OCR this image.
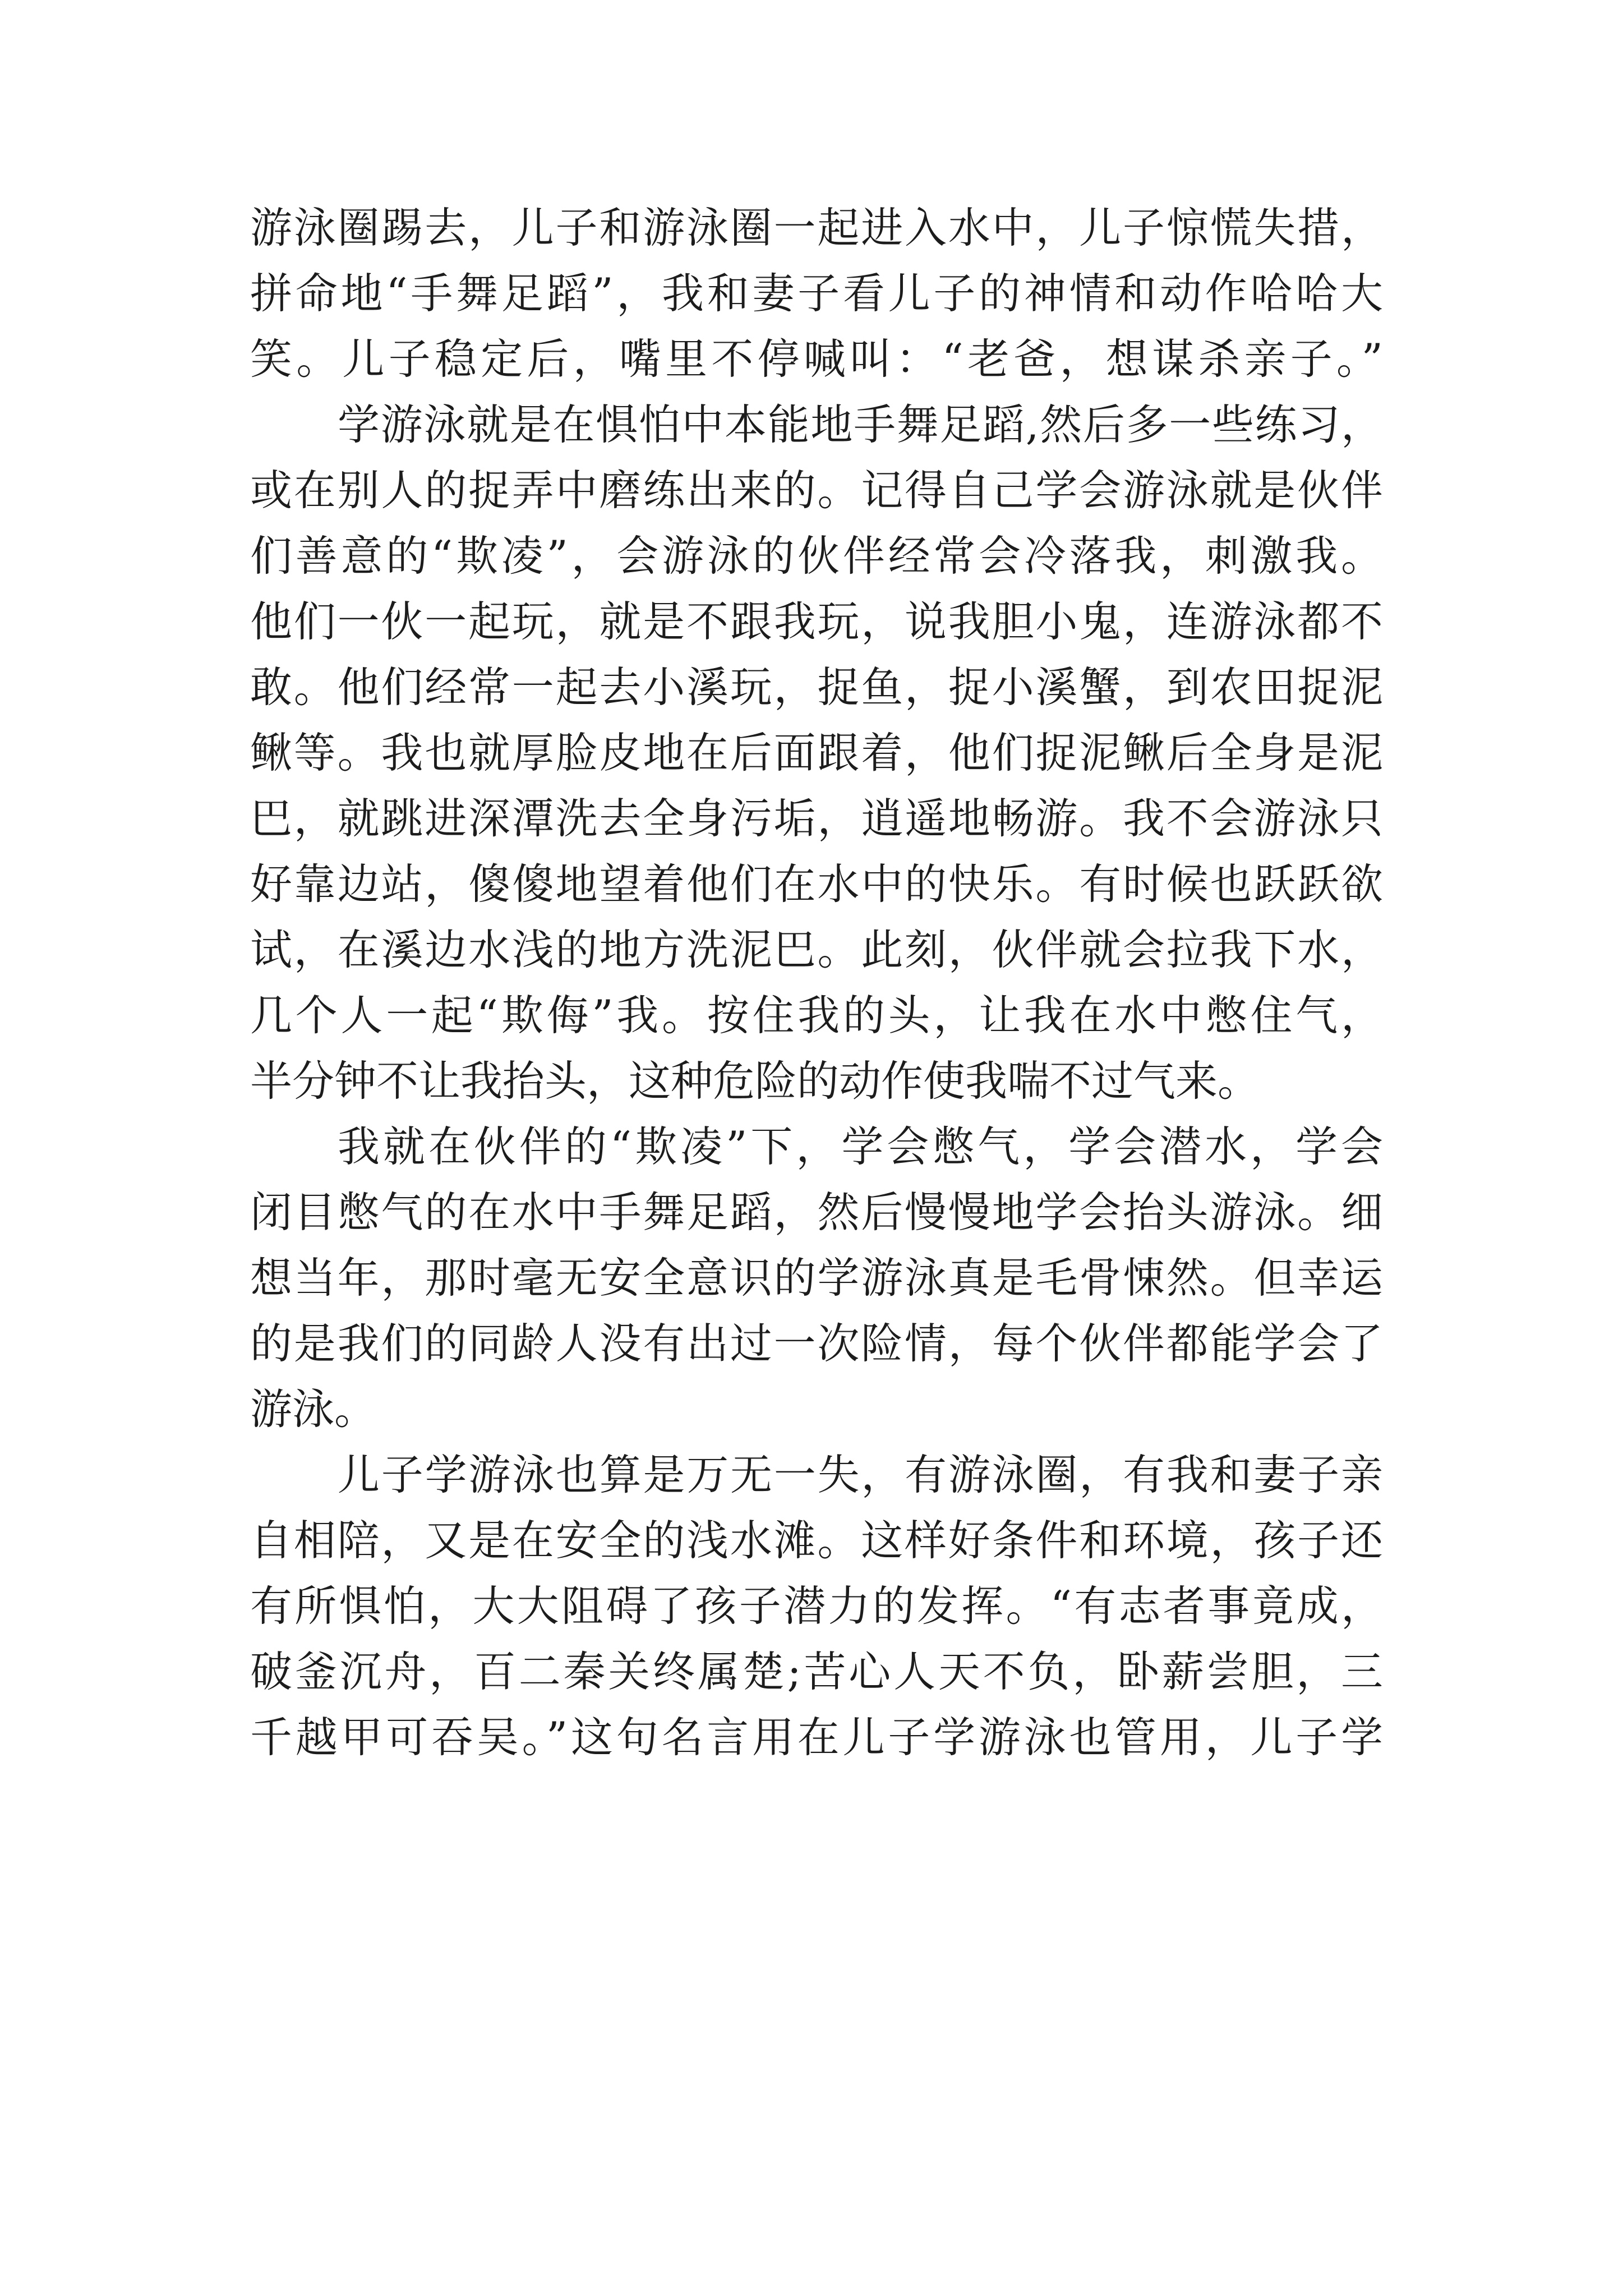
游泳圈踢去，儿子和游泳圈一起进入水中，儿子惊慌失措，
拼命地“手舞足蹈”，我和妻子看儿子的神情和动作哈哈大
笑。儿子稳定后，嘴里不停喊叫：“老爸，想谋杀亲子。”
学游泳就是在惧怕中本能地手舞足蹈,然后多一些练习，
或在别人的捉弄中磨练出来的。记得自己学会游泳就是伙伴
们善意的“欺凌”，会游泳的伙伴经常会冷落我，刺激我。
他们一伙一起玩，就是不跟我玩，说我胆小鬼，连游泳都不
敢。他们经常一起去小溪玩，捉鱼，捉小溪蟹，到农田捉泥
鳅等。我也就厚脸皮地在后面跟着，他们捉泥鳅后全身是泥
巴，就跳进深潭洗去全身污垢，逍遥地畅游。我不会游泳只
好靠边站，傻傻地望着他们在水中的快乐。有时候也跃跃欲
试，在溪边水浅的地方洗泥巴。此刻，伙伴就会拉我下水，
几个人一起“欺侮”我。按住我的头，让我在水中憋住气，
半分钟不让我抬头，这种危险的动作使我喘不过气来。
我就在伙伴的“欺凌”下，学会憋气，学会潜水，学会
闭目憋气的在水中手舞足蹈，然后慢慢地学会抬头游泳。细
想当年，那时毫无安全意识的学游泳真是毛骨悚然。但幸运
的是我们的同龄人没有出过一次险情，每个伙伴都能学会了
游泳。
儿子学游泳也算是万无一失，有游泳圈，有我和妻子亲
自相陪，又是在安全的浅水滩。这样好条件和环境，孩子还
有所惧怕，大大阻碍了孩子潜力的发挥。“有志者事竟成，
破釜沉舟，百二秦关终属楚;苦心人天不负，卧薪尝胆，三
千越甲可吞吴。”这句名言用在儿子学游泳也管用，儿子学
